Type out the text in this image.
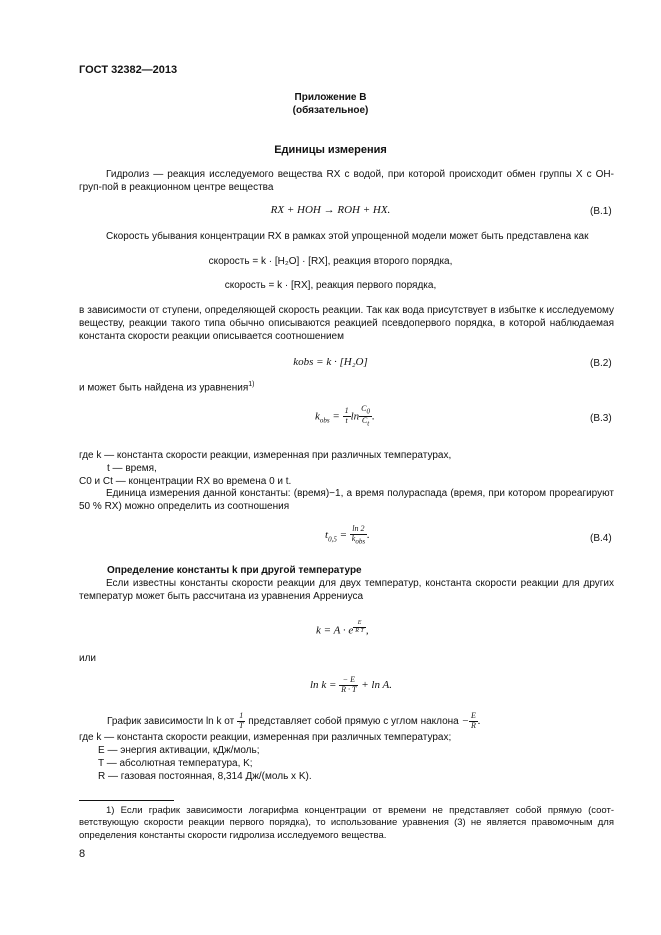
ГОСТ 32382—2013
Приложение В
(обязательное)
Единицы измерения
Гидролиз — реакция исследуемого вещества RX с водой, при которой происходит обмен группы X с OH-груп-пой в реакционном центре вещества
RX + HOH → ROH + HX.	(В.1)
Скорость убывания концентрации RX в рамках этой упрощенной модели может быть представлена как
скорость = k · [H₂O] · [RX], реакция второго порядка,
скорость = k · [RX], реакция первого порядка,
в зависимости от ступени, определяющей скорость реакции. Так как вода присутствует в избытке к исследуемому веществу, реакции такого типа обычно описываются реакцией псевдопервого порядка, в которой наблюдаемая константа скорости реакции описывается соотношением
kobs = k · [H₂O]	(В.2)
и может быть найдена из уравнения$^{1)}$
$k_{obs} = \frac{1}{t}$ $\ln \frac{C_0}{C_t}$ .	(В.3)
где k — константа скорости реакции, измеренная при различных температурах,
t — время,
C0 и Ct — концентрации RX во времена 0 и t.
Единица измерения данной константы: (время)−1, а время полураспада (время, при котором прореагируют 50 % RX) можно определить из соотношения
$t_{0,5} = \frac{\ln 2}{k_{obs}}$ .	(В.4)
Определение константы k при другой температуре
Если известны константы скорости реакции для двух температур, константа скорости реакции для других температур может быть рассчитана из уравнения Аррениуса
k = A · e $^{\frac{E}{\text{R T}}}$ ,
или
$\ln k = \frac{- E}{R \cdot T} + \ln A$.
График зависимости ln k от $\frac{1}{T}$ представляет собой прямую с углом наклона − $\frac{E}{R}$ .
где k — константа скорости реакции, измеренная при различных температурах;
E — энергия активации, кДж/моль;
T — абсолютная температура, K;
R — газовая постоянная, 8,314 Дж/(моль х K).
1) Если график зависимости логарифма концентрации от времени не представляет собой прямую (соот-ветствующую скорости реакции первого порядка), то использование уравнения (3) не является правомочным для определения константы скорости гидролиза исследуемого вещества.
8
